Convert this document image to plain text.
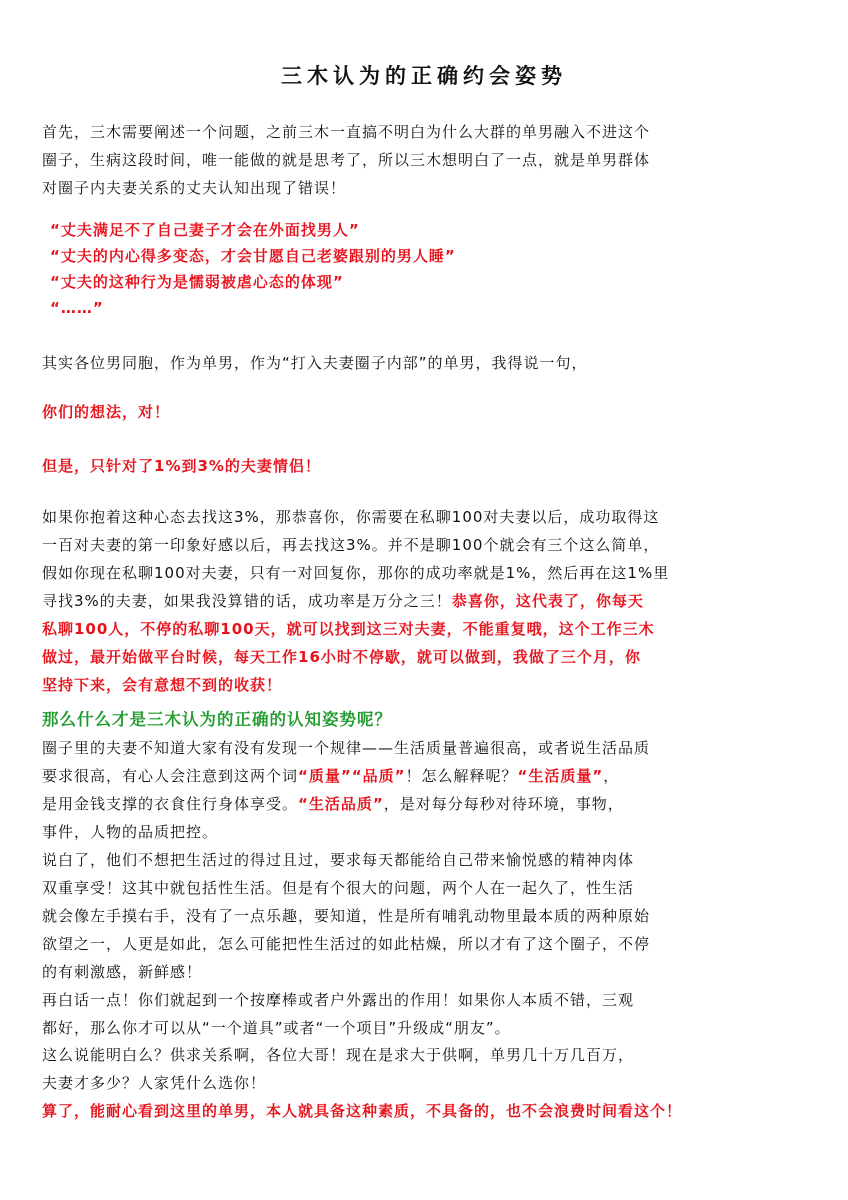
三木认为的正确约会姿势
首先，三木需要阐述一个问题，之前三木一直搞不明白为什么大群的单男融入不进这个
圈子，生病这段时间，唯一能做的就是思考了，所以三木想明白了一点，就是单男群体
对圈子内夫妻关系的丈夫认知出现了错误！
“丈夫满足不了自己妻子才会在外面找男人”
“丈夫的内心得多变态，才会甘愿自己老婆跟别的男人睡”
“丈夫的这种行为是懦弱被虐心态的体现”
“……”
其实各位男同胞，作为单男，作为“打入夫妻圈子内部”的单男，我得说一句，
你们的想法，对！
但是，只针对了1%到3%的夫妻情侣！
如果你抱着这种心态去找这3%，那恭喜你，你需要在私聊100对夫妻以后，成功取得这
一百对夫妻的第一印象好感以后，再去找这3%。并不是聊100个就会有三个这么简单，
假如你现在私聊100对夫妻，只有一对回复你，那你的成功率就是1%，然后再在这1%里
寻找3%的夫妻，如果我没算错的话，成功率是万分之三！恭喜你，这代表了，你每天
私聊100人，不停的私聊100天，就可以找到这三对夫妻，不能重复哦，这个工作三木
做过，最开始做平台时候，每天工作16小时不停歇，就可以做到，我做了三个月，你
坚持下来，会有意想不到的收获！
那么什么才是三木认为的正确的认知姿势呢？
圈子里的夫妻不知道大家有没有发现一个规律——生活质量普遍很高，或者说生活品质
要求很高，有心人会注意到这两个词“质量”“品质”！怎么解释呢？“生活质量”，
是用金钱支撑的衣食住行身体享受。“生活品质”，是对每分每秒对待环境，事物，
事件，人物的品质把控。
说白了，他们不想把生活过的得过且过，要求每天都能给自己带来愉悦感的精神肉体
双重享受！这其中就包括性生活。但是有个很大的问题，两个人在一起久了，性生活
就会像左手摸右手，没有了一点乐趣，要知道，性是所有哺乳动物里最本质的两种原始
欲望之一，人更是如此，怎么可能把性生活过的如此枯燥，所以才有了这个圈子，不停
的有刺激感，新鲜感！
再白话一点！你们就起到一个按摩棒或者户外露出的作用！如果你人本质不错，三观
都好，那么你才可以从“一个道具”或者“一个项目”升级成“朋友”。
这么说能明白么？供求关系啊，各位大哥！现在是求大于供啊，单男几十万几百万，
夫妻才多少？人家凭什么选你！
算了，能耐心看到这里的单男，本人就具备这种素质，不具备的，也不会浪费时间看这个！
